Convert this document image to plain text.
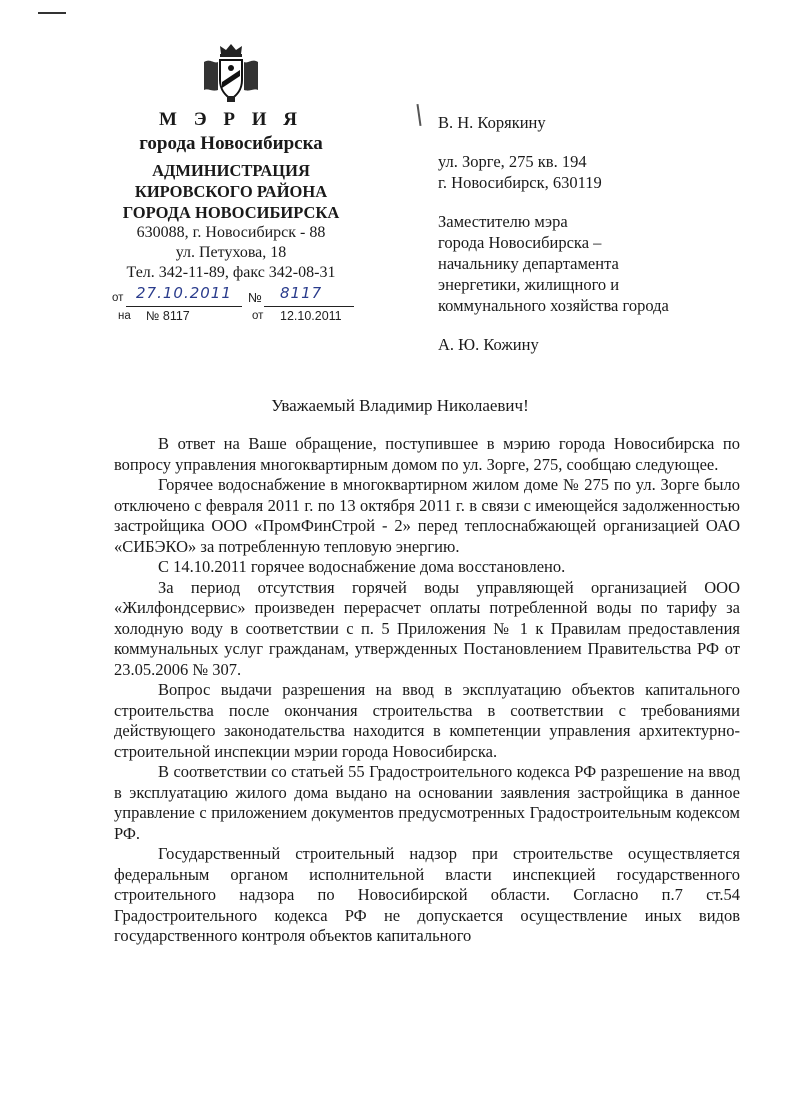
М Э Р И Я
города Новосибирска
АДМИНИСТРАЦИЯ
КИРОВСКОГО РАЙОНА
ГОРОДА НОВОСИБИРСКА
630088, г. Новосибирск - 88
ул. Петухова, 18
Тел. 342-11-89, факс 342-08-31
от 27.10.2011 № 8117
на № 8117	от 12.10.2011
В. Н. Корякину
ул. Зорге, 275 кв. 194
г. Новосибирск, 630119
Заместителю мэра
города Новосибирска –
начальнику департамента
энергетики, жилищного и
коммунального хозяйства города
А. Ю. Кожину
Уважаемый Владимир Николаевич!

В ответ на Ваше обращение, поступившее в мэрию города Новосибирска по вопросу управления многоквартирным домом по ул. Зорге, 275, сообщаю следующее.

Горячее водоснабжение в многоквартирном жилом доме № 275 по ул. Зорге было отключено с февраля 2011 г. по 13 октября 2011 г. в связи с имеющейся задолженностью застройщика ООО «ПромФинСтрой - 2» перед теплоснабжающей организацией ОАО «СИБЭКО» за потребленную тепловую энергию.

С 14.10.2011 горячее водоснабжение дома восстановлено.

За период отсутствия горячей воды управляющей организацией ООО «Жилфондсервис» произведен перерасчет оплаты потребленной воды по тарифу за холодную воду в соответствии с п. 5 Приложения № 1 к Правилам предоставления коммунальных услуг гражданам, утвержденных Постановлением Правительства РФ от 23.05.2006 № 307.

Вопрос выдачи разрешения на ввод в эксплуатацию объектов капитального строительства после окончания строительства в соответствии с требованиями действующего законодательства находится в компетенции управления архитектурно-строительной инспекции мэрии города Новосибирска.

В соответствии со статьей 55 Градостроительного кодекса РФ разрешение на ввод в эксплуатацию жилого дома выдано на основании заявления застройщика в данное управление с приложением документов предусмотренных Градостроительным кодексом РФ.

Государственный строительный надзор при строительстве осуществляется федеральным органом исполнительной власти инспекцией государственного строительного надзора по Новосибирской области. Согласно п.7 ст.54 Градостроительного кодекса РФ не допускается осуществление иных видов государственного контроля объектов капитального
